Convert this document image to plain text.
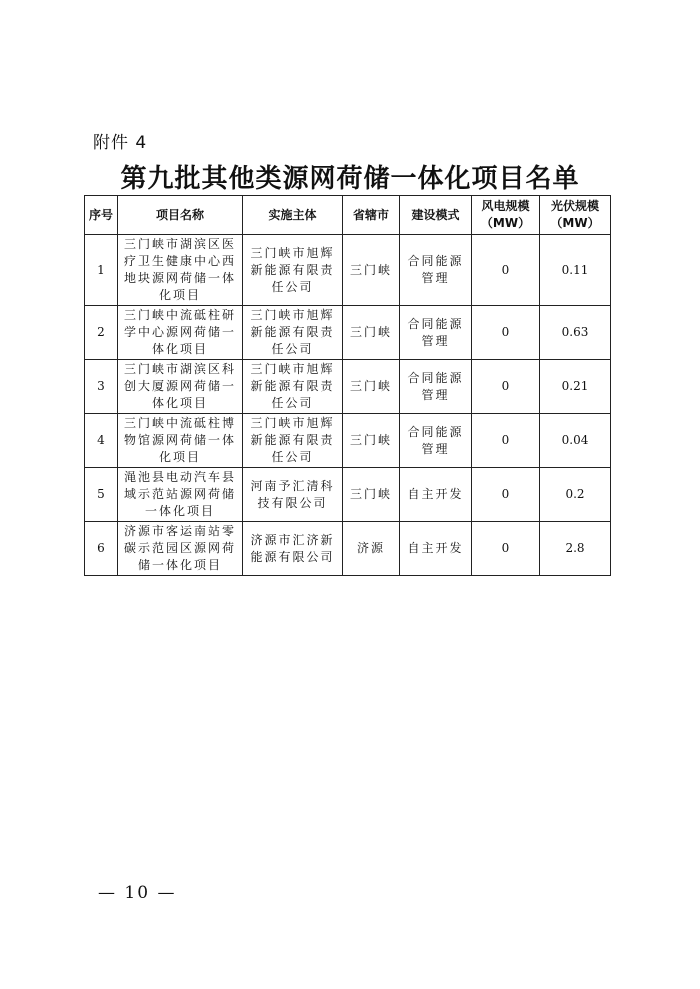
附件 4
第九批其他类源网荷储一体化项目名单
序号	项目名称	实施主体	省辖市	建设模式	风电规模（MW）	光伏规模（MW）
1	三门峡市湖滨区医疗卫生健康中心西地块源网荷储一体化项目	三门峡市旭辉新能源有限责任公司	三门峡	合同能源管理	0	0.11
2	三门峡中流砥柱研学中心源网荷储一体化项目	三门峡市旭辉新能源有限责任公司	三门峡	合同能源管理	0	0.63
3	三门峡市湖滨区科创大厦源网荷储一体化项目	三门峡市旭辉新能源有限责任公司	三门峡	合同能源管理	0	0.21
4	三门峡中流砥柱博物馆源网荷储一体化项目	三门峡市旭辉新能源有限责任公司	三门峡	合同能源管理	0	0.04
5	渑池县电动汽车县域示范站源网荷储一体化项目	河南予汇清科技有限公司	三门峡	自主开发	0	0.2
6	济源市客运南站零碳示范园区源网荷储一体化项目	济源市汇济新能源有限公司	济源	自主开发	0	2.8
— 10 —
